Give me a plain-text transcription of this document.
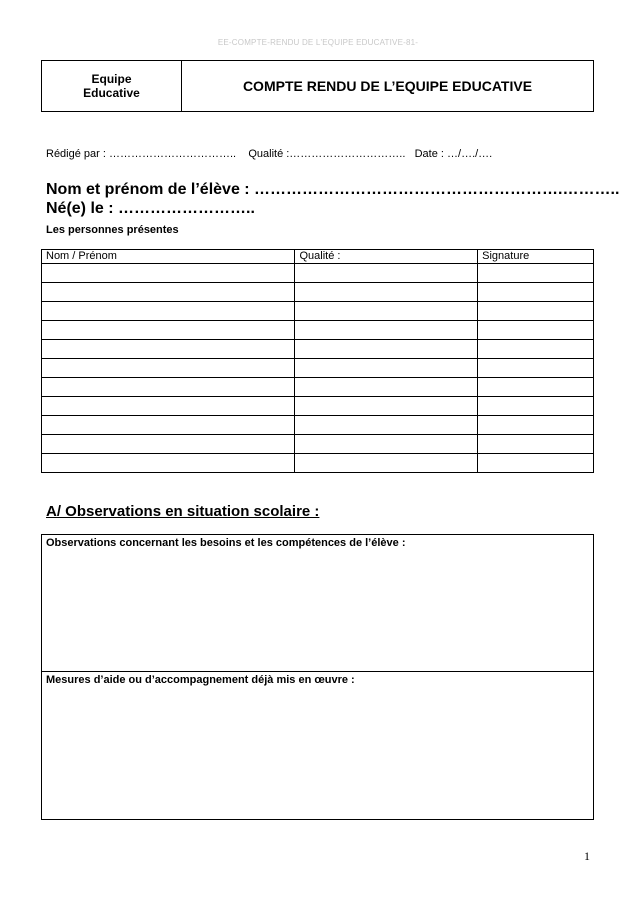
EE-COMPTE-RENDU DE L'EQUIPE EDUCATIVE-81-
Equipe
Educative	COMPTE RENDU DE L’EQUIPE EDUCATIVE
Rédigé par : …………………………….. Qualité :………………………….. Date : …/…./….
Nom et prénom de l’élève : ………………………………………………….………..
Né(e) le : ……………………..
Les personnes présentes
Nom / Prénom	Qualité :	Signature

A/ Observations en situation scolaire :
Observations concernant les besoins et les compétences de l’élève :
Mesures d’aide ou d’accompagnement déjà mis en œuvre :
1
